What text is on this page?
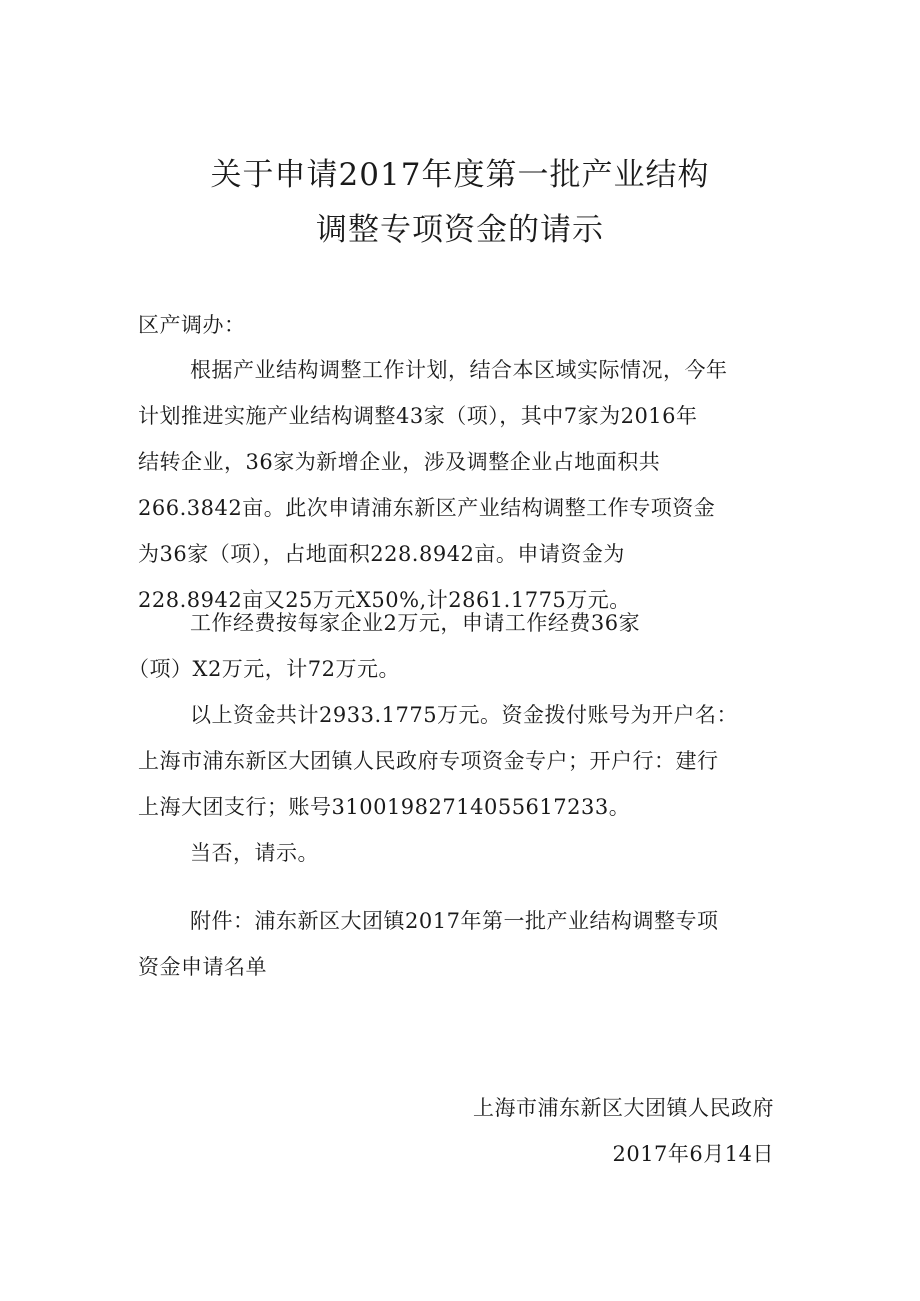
关于申请2017年度第一批产业结构
调整专项资金的请示
区产调办：
根据产业结构调整工作计划，结合本区域实际情况，今年
计划推进实施产业结构调整43家（项），其中7家为2016年
结转企业，36家为新增企业，涉及调整企业占地面积共
266.3842亩。此次申请浦东新区产业结构调整工作专项资金
为36家（项），占地面积228.8942亩。申请资金为
228.8942亩又25万元X50%,计2861.1775万元。
工作经费按每家企业2万元，申请工作经费36家
（项）X2万元，计72万元。
以上资金共计2933.1775万元。资金拨付账号为开户名：
上海市浦东新区大团镇人民政府专项资金专户；开户行：建行
上海大团支行；账号31001982714055617233。
当否，请示。
附件：浦东新区大团镇2017年第一批产业结构调整专项
资金申请名单
上海市浦东新区大团镇人民政府
2017年6月14日
